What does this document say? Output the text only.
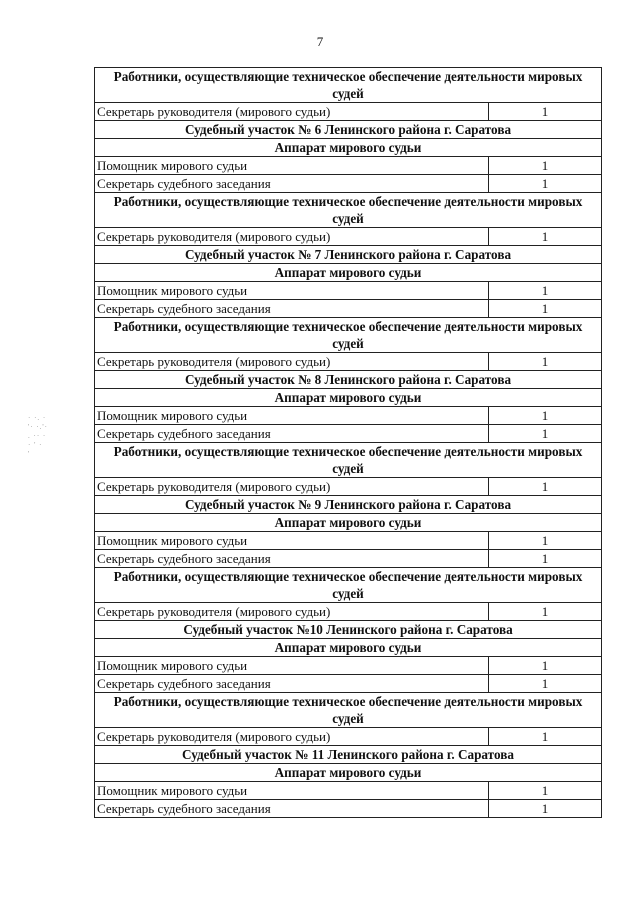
7
Работники, осуществляющие техническое обеспечение деятельности мировых судей	
Секретарь руководителя (мирового судьи)	1
Судебный участок № 6 Ленинского района г. Саратова	
Аппарат мирового судьи	
Помощник мирового судьи	1
Секретарь судебного заседания	1
Работники, осуществляющие техническое обеспечение деятельности мировых судей	
Секретарь руководителя (мирового судьи)	1
Судебный участок № 7 Ленинского района г. Саратова	
Аппарат мирового судьи	
Помощник мирового судьи	1
Секретарь судебного заседания	1
Работники, осуществляющие техническое обеспечение деятельности мировых судей	
Секретарь руководителя (мирового судьи)	1
Судебный участок № 8 Ленинского района г. Саратова	
Аппарат мирового судьи	
Помощник мирового судьи	1
Секретарь судебного заседания	1
Работники, осуществляющие техническое обеспечение деятельности мировых судей	
Секретарь руководителя (мирового судьи)	1
Судебный участок № 9 Ленинского района г. Саратова	
Аппарат мирового судьи	
Помощник мирового судьи	1
Секретарь судебного заседания	1
Работники, осуществляющие техническое обеспечение деятельности мировых судей	
Секретарь руководителя (мирового судьи)	1
Судебный участок №10 Ленинского района г. Саратова	
Аппарат мирового судьи	
Помощник мирового судьи	1
Секретарь судебного заседания	1
Работники, осуществляющие техническое обеспечение деятельности мировых судей	
Секретарь руководителя (мирового судьи)	1
Судебный участок № 11 Ленинского района г. Саратова	
Аппарат мирового судьи	
Помощник мирового судьи	1
Секретарь судебного заседания	1
· ·. ·
'· ·.'·
. ·· ·
· ' ·
'
